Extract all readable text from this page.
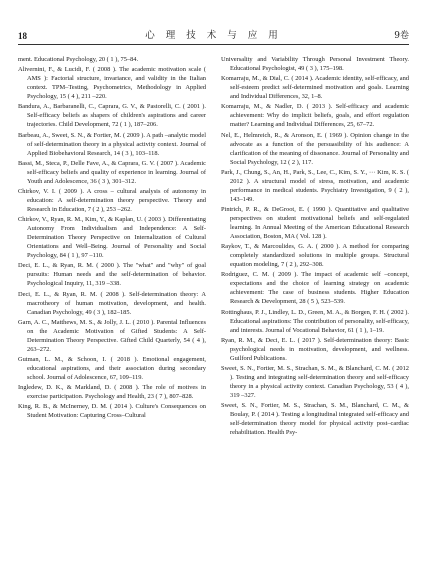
18	心 理 技 术 与 应 用	9卷

ment. Educational Psychology, 20 ( 1 ), 75–84.

Alivernini, F., & Lucidi, F. ( 2008 ). The academic motivation scale ( AMS ): Factorial structure, invariance, and validity in the Italian context. TPM–Testing, Psychometrics, Methodology in Applied Psychology, 15 ( 4 ), 211 –220.

Bandura, A., Barbaranelli, C., Caprara, G. V., & Pastorelli, C. ( 2001 ). Self-efficacy beliefs as shapers of children's aspirations and career trajectories. Child Development, 72 ( 1 ), 187–206.

Barbeau, A., Sweet, S. N., & Fortier, M. ( 2009 ). A path –analytic model of self-determination theory in a physical activity context. Journal of Applied Biobehavioral Research, 14 ( 3 ), 103–118.

Bassi, M., Steca, P., Delle Fave, A., & Caprara, G. V. ( 2007 ). Academic self-efficacy beliefs and quality of experience in learning. Journal of Youth and Adolescence, 36 ( 3 ), 301–312.

Chirkov, V. I. ( 2009 ). A cross – cultural analysis of autonomy in education: A self-determination theory perspective. Theory and Research in Education, 7 ( 2 ), 253 –262.

Chirkov, V., Ryan, R. M., Kim, Y., & Kaplan, U. ( 2003 ). Differentiating Autonomy From Individualism and Independence: A Self-Determination Theory Perspective on Internalization of Cultural Orientations and Well–Being. Journal of Personality and Social Psychology, 84 ( 1 ), 97 –110.

Deci, E. L., & Ryan, R. M. ( 2000 ). The "what" and "why" of goal pursuits: Human needs and the self-determination of behavior. Psychological Inquiry, 11, 319 –338.

Deci, E. L., & Ryan, R. M. ( 2008 ). Self-determination theory: A macrotheory of human motivation, development, and health. Canadian Psychology, 49 ( 3 ), 182–185.

Garn, A. C., Matthews, M. S., & Jolly, J. L. ( 2010 ). Parental Influences on the Academic Motivation of Gifted Students: A Self-Determination Theory Perspective. Gifted Child Quarterly, 54 ( 4 ), 263–272.

Gutman, L. M., & Schoon, I. ( 2018 ). Emotional engagement, educational aspirations, and their association during secondary school. Journal of Adolescence, 67, 109–119.

Ingledew, D. K., & Markland, D. ( 2008 ). The role of motives in exercise participation. Psychology and Health, 23 ( 7 ), 807–828.

King, R. B., & McInerney, D. M. ( 2014 ). Culture's Consequences on Student Motivation: Capturing Cross–Cultural

Universality and Variability Through Personal Investment Theory. Educational Psychologist, 49 ( 3 ), 175–198.

Komarraju, M., & Dial, C. ( 2014 ). Academic identity, self-efficacy, and self-esteem predict self-determined motivation and goals. Learning and Individual Differences, 32, 1–8.

Komarraju, M., & Nadler, D. ( 2013 ). Self-efficacy and academic achievement: Why do implicit beliefs, goals, and effort regulation matter? Learning and Individual Differences, 25, 67–72.

Nel, E., Helmreich, R., & Aronson, E. ( 1969 ). Opinion change in the advocate as a function of the persuasibility of his audience: A clarification of the meaning of dissonance. Journal of Personality and Social Psychology, 12 ( 2 ), 117.

Park, J., Chung, S., An, H., Park, S., Lee, C., Kim, S. Y., ··· Kim, K. S. ( 2012 ). A structural model of stress, motivation, and academic performance in medical students. Psychiatry Investigation, 9 ( 2 ), 143–149.

Pintrich, P. R., & DeGroot, E. ( 1990 ). Quantitative and qualitative perspectives on student motivational beliefs and self-regulated learning. In Annual Meeting of the American Educational Research Association, Boston, MA ( Vol. 128 ).

Raykov, T., & Marcoulides, G. A. ( 2000 ). A method for comparing completely standardized solutions in multiple groups. Structural equation modeling, 7 ( 2 ), 292–308.

Rodriguez, C. M. ( 2009 ). The impact of academic self –concept, expectations and the choice of learning strategy on academic achievement: The case of business students. Higher Education Research & Development, 28 ( 5 ), 523–539.

Rottinghaus, P. J., Lindley, L. D., Green, M. A., & Borgen, F. H. ( 2002 ). Educational aspirations: The contribution of personality, self-efficacy, and interests. Journal of Vocational Behavior, 61 ( 1 ), 1–19.

Ryan, R. M., & Deci, E. L. ( 2017 ). Self-determination theory: Basic psychological needs in motivation, development, and wellness. Guilford Publications.

Sweet, S. N., Fortier, M. S., Strachan, S. M., & Blanchard, C. M. ( 2012 ). Testing and integrating self-determination theory and self-efficacy theory in a physical activity context. Canadian Psychology, 53 ( 4 ), 319 –327.

Sweet, S. N., Fortier, M. S., Strachan, S. M., Blanchard, C. M., & Boulay, P. ( 2014 ). Testing a longitudinal integrated self-efficacy and self-determination theory model for physical activity post–cardiac rehabilitation. Health Psy-
